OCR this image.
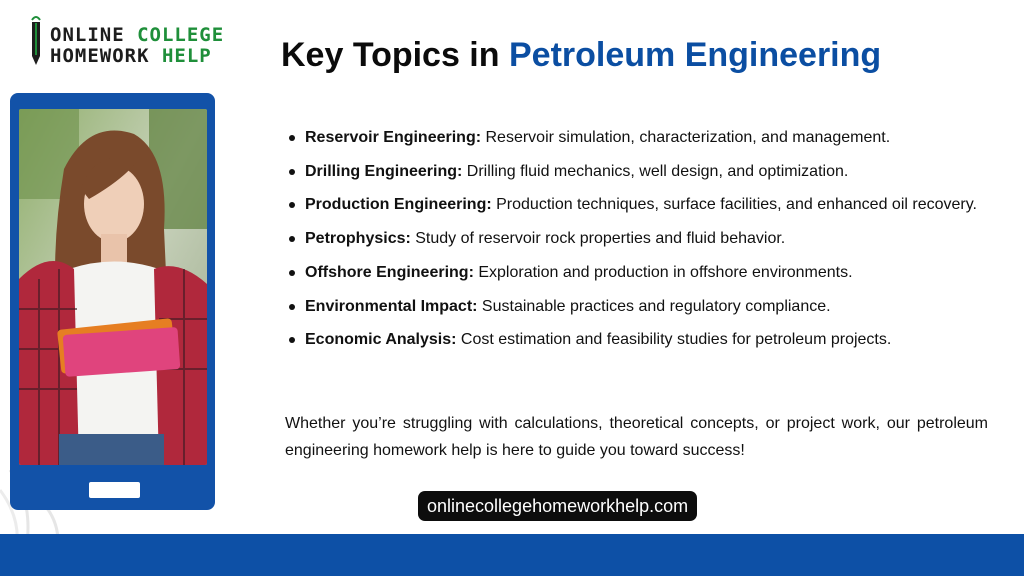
ONLINE COLLEGE
HOMEWORK HELP Key Topics in Petroleum Engineering
Reservoir Engineering: Reservoir simulation, characterization, and management.
Drilling Engineering: Drilling fluid mechanics, well design, and optimization.
Production Engineering: Production techniques, surface facilities, and enhanced oil recovery.
Petrophysics: Study of reservoir rock properties and fluid behavior.
Offshore Engineering: Exploration and production in offshore environments.
Environmental Impact: Sustainable practices and regulatory compliance.
Economic Analysis: Cost estimation and feasibility studies for petroleum projects.

Whether you’re struggling with calculations, theoretical concepts, or project work, our petroleum engineering homework help is here to guide you toward success!

onlinecollegehomeworkhelp.com
